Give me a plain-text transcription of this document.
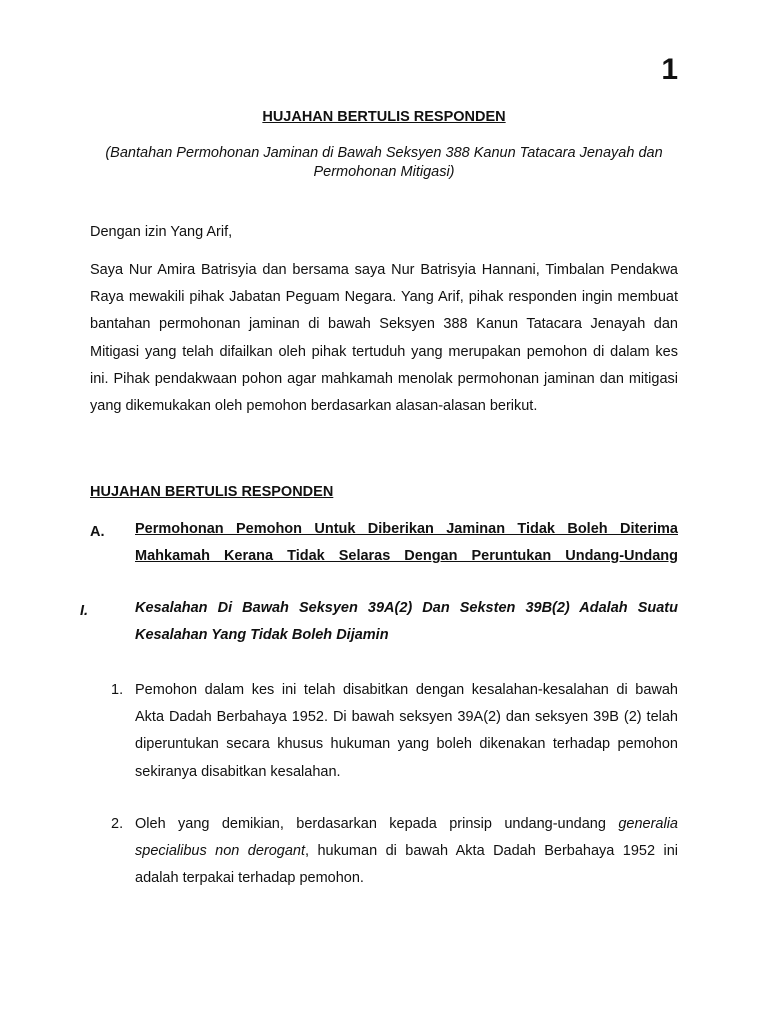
1
HUJAHAN BERTULIS RESPONDEN
(Bantahan Permohonan Jaminan di Bawah Seksyen 388 Kanun Tatacara Jenayah dan Permohonan Mitigasi)
Dengan izin Yang Arif,

Saya Nur Amira Batrisyia dan bersama saya Nur Batrisyia Hannani, Timbalan Pendakwa Raya mewakili pihak Jabatan Peguam Negara. Yang Arif, pihak responden ingin membuat bantahan permohonan jaminan di bawah Seksyen 388 Kanun Tatacara Jenayah dan Mitigasi yang telah difailkan oleh pihak tertuduh yang merupakan pemohon di dalam kes ini. Pihak pendakwaan pohon agar mahkamah menolak permohonan jaminan dan mitigasi yang dikemukakan oleh pemohon berdasarkan alasan-alasan berikut.

HUJAHAN BERTULIS RESPONDEN
A. Permohonan Pemohon Untuk Diberikan Jaminan Tidak Boleh Diterima Mahkamah Kerana Tidak Selaras Dengan Peruntukan Undang-Undang

I.	Kesalahan Di Bawah Seksyen 39A(2) Dan Seksten 39B(2) Adalah Suatu Kesalahan Yang Tidak Boleh Dijamin

1. Pemohon dalam kes ini telah disabitkan dengan kesalahan-kesalahan di bawah Akta Dadah Berbahaya 1952. Di bawah seksyen 39A(2) dan seksyen 39B (2) telah diperuntukan secara khusus hukuman yang boleh dikenakan terhadap pemohon sekiranya disabitkan kesalahan.

2. Oleh yang demikian, berdasarkan kepada prinsip undang-undang generalia specialibus non derogant, hukuman di bawah Akta Dadah Berbahaya 1952 ini adalah terpakai terhadap pemohon.
